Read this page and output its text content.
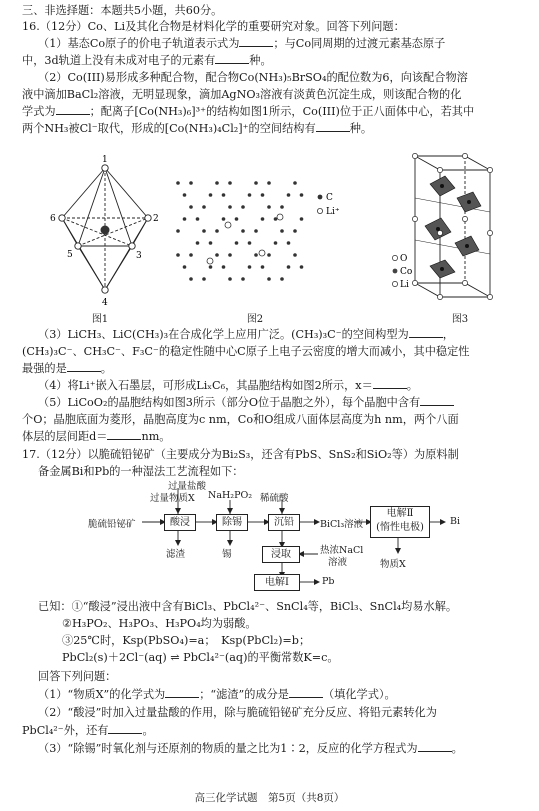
三、非选择题：本题共5小题，共60分。
16.（12分）Co、Li及其化合物是材料化学的重要研究对象。回答下列问题：
（1）基态Co原子的价电子轨道表示式为	；与Co同周期的过渡元素基态原子
中，3d轨道上没有未成对电子的元素有	种。
（2）Co(III)易形成多种配合物，配合物Co(NH₃)₅BrSO₄的配位数为6，向该配合物溶
液中滴加BaCl₂溶液，无明显现象，滴加AgNO₃溶液有淡黄色沉淀生成，则该配合物的化
学式为	；配离子[Co(NH₃)₆]³⁺的结构如图1所示，Co(III)位于正八面体中心，若其中
两个NH₃被Cl⁻取代，形成的[Co(NH₃)₄Cl₂]⁺的空间结构有	种。
1
2
3
4
5
6
图1
C
Li⁺
图2
O
Co
Li
图3
（3）LiCH₃、LiC(CH₃)₃在合成化学上应用广泛。(CH₃)₃C⁻的空间构型为	，
(CH₃)₃C⁻、CH₃C⁻、F₃C⁻的稳定性随中心C原子上电子云密度的增大而减小，其中稳定性
最强的是	。
（4）将Li⁺嵌入石墨层，可形成LiₓC₆，其晶胞结构如图2所示，x＝	。
（5）LiCoO₂的晶胞结构如图3所示（部分O位于晶胞之外），每个晶胞中含有
个O；晶胞底面为菱形，晶胞高度为c nm，Co和O组成八面体层高度为h nm，两个八面
体层的层间距d＝	nm。
17.（12分）以脆硫铅铋矿（主要成分为Bi₂S₃，还含有PbS、SnS₂和SiO₂等）为原料制
备金属Bi和Pb的一种湿法工艺流程如下：
过量盐酸
过量物质X NaH₂PO₂ 稀硫酸
脆硫铅铋矿	酸浸	除锡	沉铅	BiCl₃溶液
电解Ⅱ
(惰性电极)
Bi
滤渣	锡	浸取	热浓NaCl
溶液	物质X
电解Ⅰ	Pb
已知：①“酸浸”浸出液中含有BiCl₃、PbCl₄²⁻、SnCl₄等，BiCl₃、SnCl₄均易水解。
②H₃PO₂、H₃PO₃、H₃PO₄均为弱酸。
③25℃时，Ksp(PbSO₄)=a；　Ksp(PbCl₂)=b；
PbCl₂(s)＋2Cl⁻(aq) ⇌ PbCl₄²⁻(aq)的平衡常数K=c。
回答下列问题：
（1）“物质X”的化学式为	；“滤渣”的成分是	（填化学式）。
（2）“酸浸”时加入过量盐酸的作用，除与脆硫铅铋矿充分反应、将铅元素转化为
PbCl₄²⁻外，还有	。
（3）“除锡”时氧化剂与还原剂的物质的量之比为1∶2，反应的化学方程式为	。
高三化学试题　第5页（共8页）
